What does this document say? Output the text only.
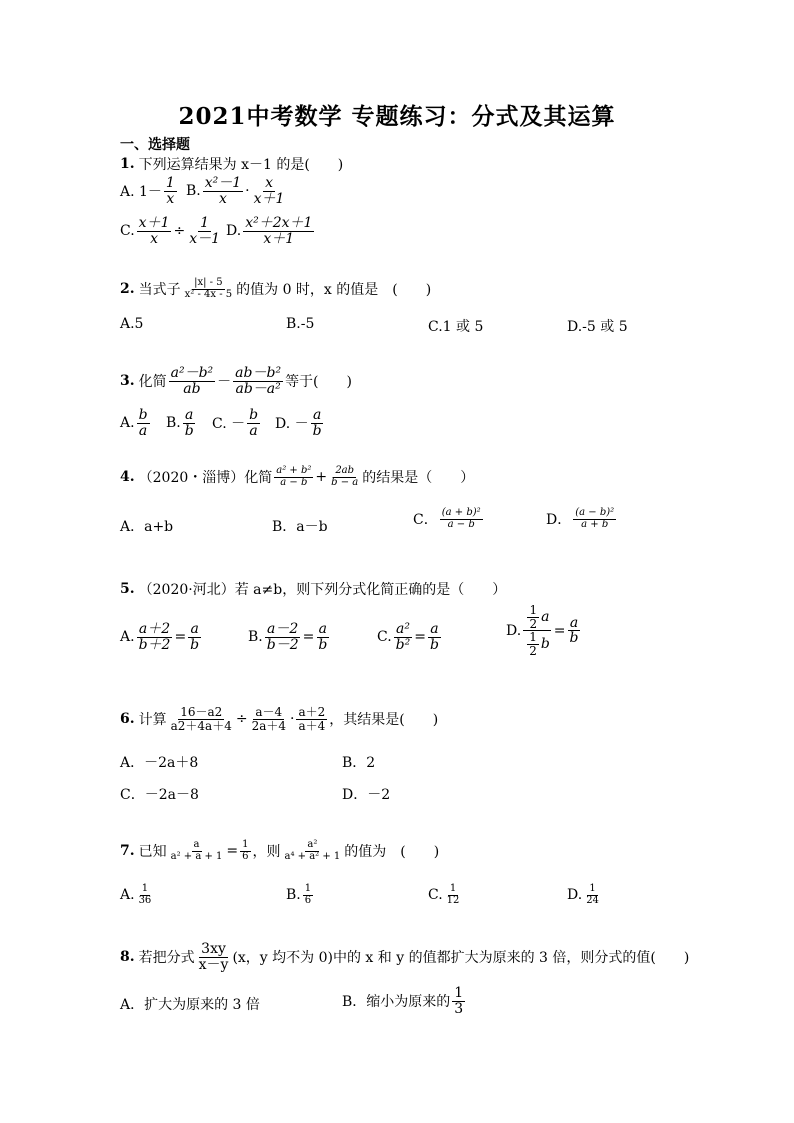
2021中考数学 专题练习：分式及其运算
一、选择题
1. 下列运算结果为 x－1 的是(　　)
A. $1- \frac{1}{x} B$. $\frac{\text{x²－1}}{x} \cdot \frac{x}{x+1}$
C. $\frac{x+1}{x} \div \frac{1}{x-1} D$. $\frac{\text{x²＋2x＋1}}{x+1}$
2. 当式子 $\frac{|x| - 5}{\text{x² - 4x - 5}}$ 的值为 0 时，x 的值是　(　　)
A.5	B.-5	C.1 或 5	D.-5 或 5
3. 化简 $\frac{\text{a²－b²}}{ab} - \frac{\text{ab－b²}}{\text{ab－a²}}$ 等于(　　)
A. $\frac{b}{a} B$. $\frac{a}{b} C$. － $\frac{b}{a} D$. － $\frac{a}{b}$
4. （2020・淄博）化简 $\frac{\text{a² + b²}}{a - b} + \frac{2ab}{b - a}$ 的结果是（　　）
A．a+b	B．a－b	C． $\frac{\text{(a + b)²}}{a - b}$	D． $\frac{\text{(a − b)²}}{a + b}$
5. （2020·河北）若 a≠b，则下列分式化简正确的是（　　）
A. $\frac{a+2}{b+2} = \frac{a}{b}$	B. $\frac{a-2}{b-2} = \frac{a}{b}$	C. $\frac{\text{a²}}{\text{b²}} = \frac{a}{b}$	D. $\frac{\frac{1}{2} a}{\frac{1}{2} b} = \frac{a}{b}$
6. 计算 $\frac{16-a2}{a2+4a+4} \div \frac{a-4}{2a+4} \cdot \frac{a+2}{a+4}$ ，其结果是(　　)
A．－2a＋8	B．2
C．－2a－8	D．－2
7. 已知 $\frac{a}{\text{a² + a + 1}} = \frac{1}{6}$ ，则 $\frac{\text{a²}}{\text{a⁴ + a² + 1}}$ 的值为　(　　)
A. $\frac{1}{36}$	B. $\frac{1}{6}$	C. $\frac{1}{12}$	D. $\frac{1}{24}$
8. 若把分式 $\frac{3xy}{x-y} (x$，y 均不为 0)中的 x 和 y 的值都扩大为原来的 3 倍，则分式的值(　　)
A．扩大为原来的 3 倍	B．缩小为原来的 $\frac{1}{3}$
